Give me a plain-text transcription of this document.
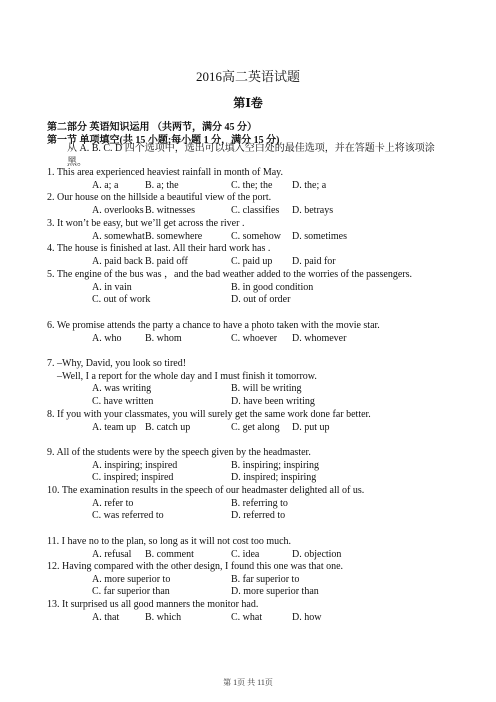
2016高二英语试题
第Ⅰ卷
第二部分 英语知识运用 （共两节，满分 45 分）
第一节 单项填空(共 15 小题;每小题 1 分，满分 15 分)
从 A. B. C. D 四个选项中，选出可以填入空白处的最佳选项，并在答题卡上将该项涂黑。
1. This area experienced heaviest rainfall in month of May.
A. a; a	B. a; the	C. the; the D. the; a
2. Our house on the hillside a beautiful view of the port.
A. overlooks B. witnesses	C. classifies D. betrays
3. It won’t be easy, but we’ll get across the river .
A. somewhat B. somewhere	C. somehow D. sometimes
4. The house is finished at last. All their hard work has .
A. paid back B. paid off	C. paid up D. paid for
5. The engine of the bus was ，and the bad weather added to the worries of the passengers.
A. in vain	B. in good condition
C. out of work	D. out of order
6. We promise attends the party a chance to have a photo taken with the movie star.
A. who B. whom	C. whoever D. whomever
7. –Why, David, you look so tired!
–Well, I a report for the whole day and I must finish it tomorrow.
A. was writing	B. will be writing
C. have written	D. have been writing
8. If you with your classmates, you will surely get the same work done far better.
A. team up B. catch up	C. get along D. put up
9. All of the students were by the speech given by the headmaster.
A. inspiring; inspired	B. inspiring; inspiring
C. inspired; inspired	D. inspired; inspiring
10. The examination results in the speech of our headmaster delighted all of us.
A. refer to	B. referring to
C. was referred to	D. referred to
11. I have no to the plan, so long as it will not cost too much.
A. refusal B. comment	C. idea	D. objection
12. Having compared with the other design, I found this one was that one.
A. more superior to	B. far superior to
C. far superior than	D. more superior than
13. It surprised us all good manners the monitor had.
A. that	B. which	C. what	D. how
第 1页 共 11页
